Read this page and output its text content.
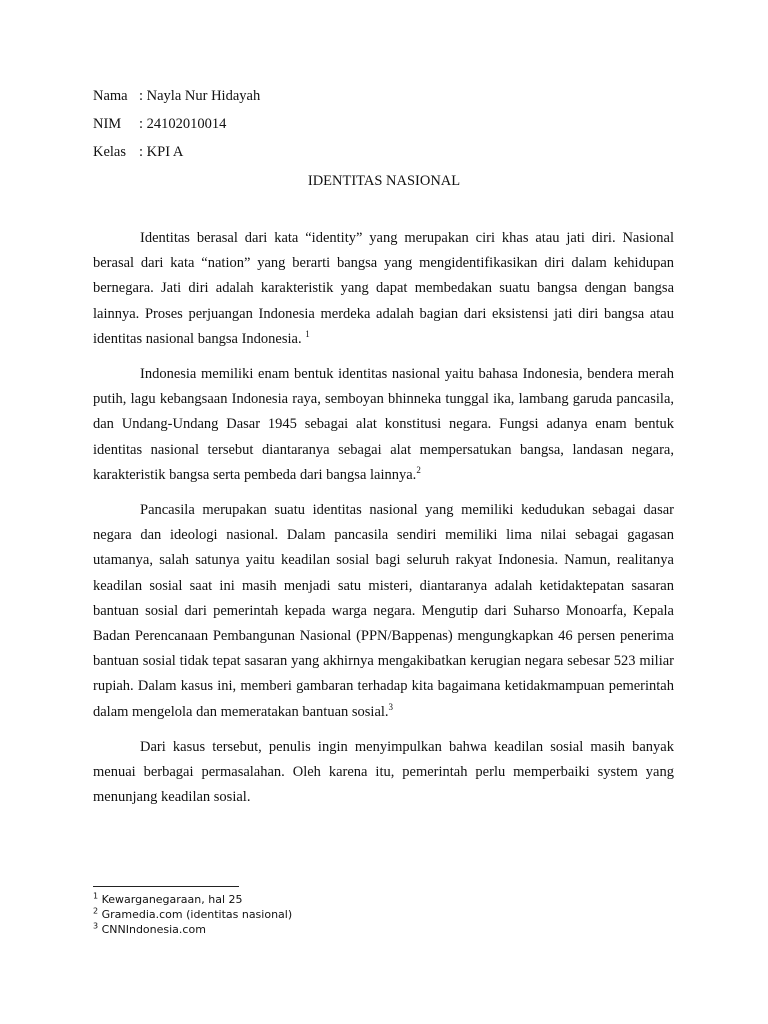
Nama : Nayla Nur Hidayah
NIM : 24102010014
Kelas : KPI A
IDENTITAS NASIONAL

Identitas berasal dari kata “identity” yang merupakan ciri khas atau jati diri. Nasional berasal dari kata “nation” yang berarti bangsa yang mengidentifikasikan diri dalam kehidupan bernegara. Jati diri adalah karakteristik yang dapat membedakan suatu bangsa dengan bangsa lainnya. Proses perjuangan Indonesia merdeka adalah bagian dari eksistensi jati diri bangsa atau identitas nasional bangsa Indonesia. $^1$

Indonesia memiliki enam bentuk identitas nasional yaitu bahasa Indonesia, bendera merah putih, lagu kebangsaan Indonesia raya, semboyan bhinneka tunggal ika, lambang garuda pancasila, dan Undang-Undang Dasar 1945 sebagai alat konstitusi negara. Fungsi adanya enam bentuk identitas nasional tersebut diantaranya sebagai alat mempersatukan bangsa, landasan negara, karakteristik bangsa serta pembeda dari bangsa lainnya.$^2$

Pancasila merupakan suatu identitas nasional yang memiliki kedudukan sebagai dasar negara dan ideologi nasional. Dalam pancasila sendiri memiliki lima nilai sebagai gagasan utamanya, salah satunya yaitu keadilan sosial bagi seluruh rakyat Indonesia. Namun, realitanya keadilan sosial saat ini masih menjadi satu misteri, diantaranya adalah ketidaktepatan sasaran bantuan sosial dari pemerintah kepada warga negara. Mengutip dari Suharso Monoarfa, Kepala Badan Perencanaan Pembangunan Nasional (PPN/Bappenas) mengungkapkan 46 persen penerima bantuan sosial tidak tepat sasaran yang akhirnya mengakibatkan kerugian negara sebesar 523 miliar rupiah. Dalam kasus ini, memberi gambaran terhadap kita bagaimana ketidakmampuan pemerintah dalam mengelola dan memeratakan bantuan sosial.$^3$

Dari kasus tersebut, penulis ingin menyimpulkan bahwa keadilan sosial masih banyak menuai berbagai permasalahan. Oleh karena itu, pemerintah perlu memperbaiki system yang menunjang keadilan sosial.

$^1$ Kewarganegaraan, hal 25
$^2$ Gramedia.com (identitas nasional)
$^3$ CNNIndonesia.com
